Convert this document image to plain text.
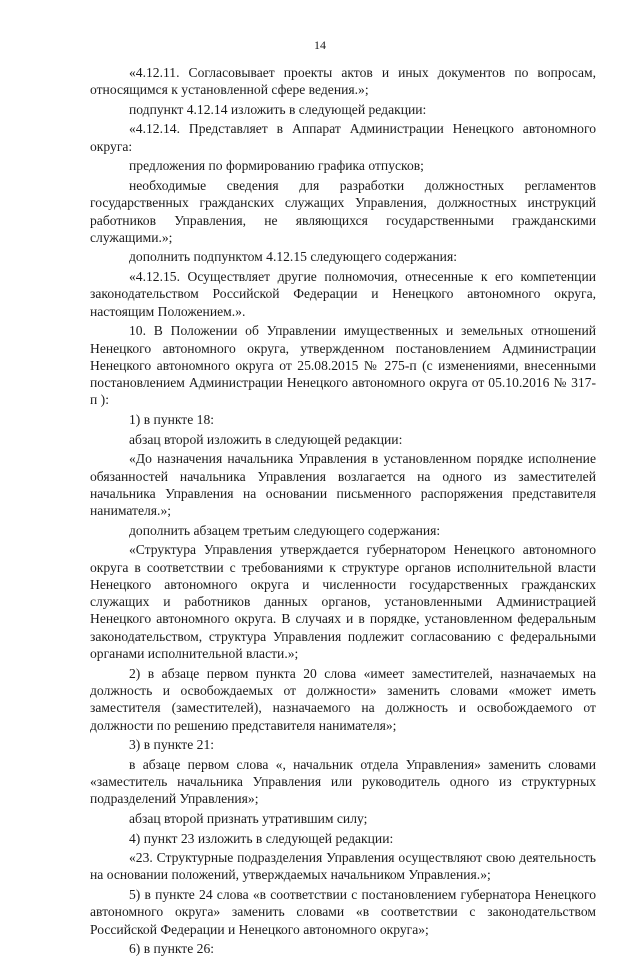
14

«4.12.11. Согласовывает проекты актов и иных документов по вопросам, относящимся к установленной сфере ведения.»;

подпункт 4.12.14 изложить в следующей редакции:

«4.12.14. Представляет в Аппарат Администрации Ненецкого автономного округа:

предложения по формированию графика отпусков;

необходимые сведения для разработки должностных регламентов государственных гражданских служащих Управления, должностных инструкций работников Управления, не являющихся государственными гражданскими служащими.»;

дополнить подпунктом 4.12.15 следующего содержания:

«4.12.15. Осуществляет другие полномочия, отнесенные к его компетенции законодательством Российской Федерации и Ненецкого автономного округа, настоящим Положением.».

10. В Положении об Управлении имущественных и земельных отношений Ненецкого автономного округа, утвержденном постановлением Администрации Ненецкого автономного округа от 25.08.2015 № 275-п (с изменениями, внесенными постановлением Администрации Ненецкого автономного округа от 05.10.2016 № 317-п ):

1) в пункте 18:

абзац второй изложить в следующей редакции:

«До назначения начальника Управления в установленном порядке исполнение обязанностей начальника Управления возлагается на одного из заместителей начальника Управления на основании письменного распоряжения представителя нанимателя.»;

дополнить абзацем третьим следующего содержания:

«Структура Управления утверждается губернатором Ненецкого автономного округа в соответствии с требованиями к структуре органов исполнительной власти Ненецкого автономного округа и численности государственных гражданских служащих и работников данных органов, установленными Администрацией Ненецкого автономного округа. В случаях и в порядке, установленном федеральным законодательством, структура Управления подлежит согласованию с федеральными органами исполнительной власти.»;

2) в абзаце первом пункта 20 слова «имеет заместителей, назначаемых на должность и освобождаемых от должности» заменить словами «может иметь заместителя (заместителей), назначаемого на должность и освобождаемого от должности по решению представителя нанимателя»;

3) в пункте 21:

в абзаце первом слова «, начальник отдела Управления» заменить словами «заместитель начальника Управления или руководитель одного из структурных подразделений Управления»;

абзац второй признать утратившим силу;

4) пункт 23 изложить в следующей редакции:

«23. Структурные подразделения Управления осуществляют свою деятельность на основании положений, утверждаемых начальником Управления.»;

5) в пункте 24 слова «в соответствии с постановлением губернатора Ненецкого автономного округа» заменить словами «в соответствии с законодательством Российской Федерации и Ненецкого автономного округа»;

6) в пункте 26:
